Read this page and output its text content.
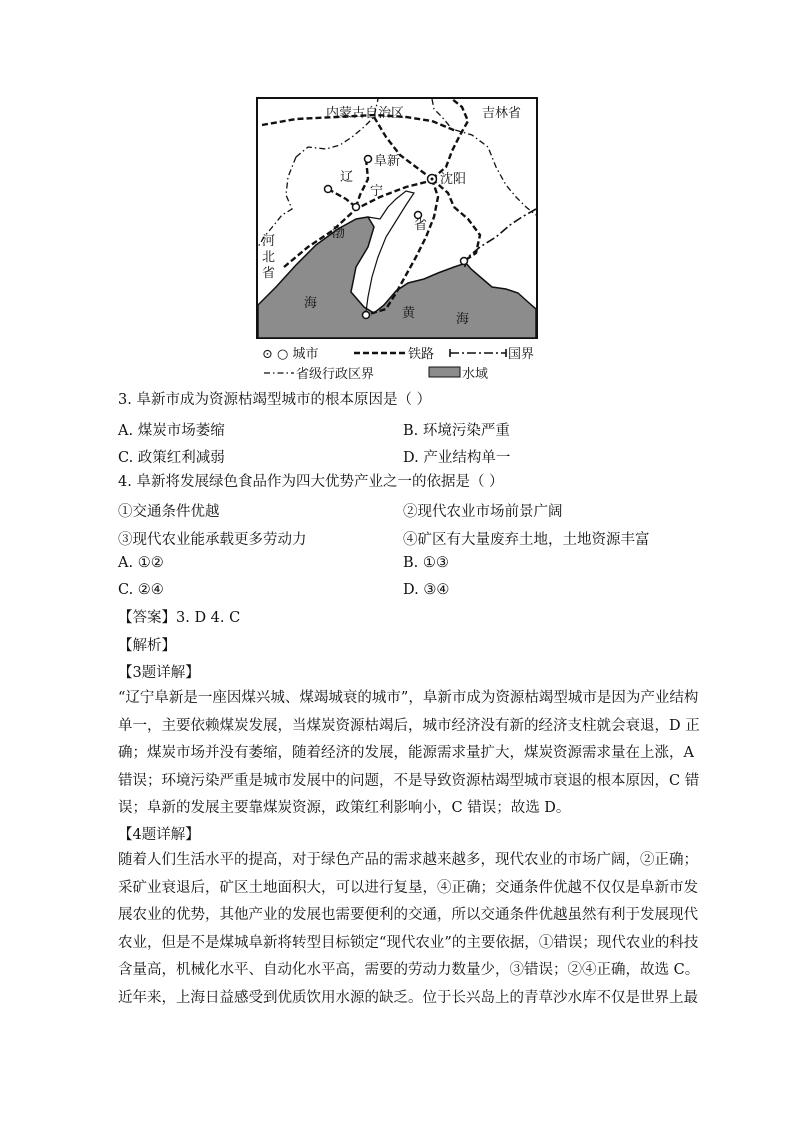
内蒙古自治区	吉林省
阜新
辽
宁
沈阳
省
河
北
省
渤
海
黄	海
⊙ ○ 城市	铁路	国界
省级行政区界	水域
3. 阜新市成为资源枯竭型城市的根本原因是（ ）
A. 煤炭市场萎缩	B. 环境污染严重
C. 政策红利减弱	D. 产业结构单一
4. 阜新将发展绿色食品作为四大优势产业之一的依据是（ ）
①交通条件优越	②现代农业市场前景广阔
③现代农业能承载更多劳动力	④矿区有大量废弃土地，土地资源丰富
A. ①②	B. ①③
C. ②④	D. ③④
【答案】3. D 4. C
【解析】
【3题详解】

“辽宁阜新是一座因煤兴城、煤竭城衰的城市”，阜新市成为资源枯竭型城市是因为产业结构

单一，主要依赖煤炭发展，当煤炭资源枯竭后，城市经济没有新的经济支柱就会衰退，D 正

确；煤炭市场并没有萎缩，随着经济的发展，能源需求量扩大，煤炭资源需求量在上涨，A

错误；环境污染严重是城市发展中的问题，不是导致资源枯竭型城市衰退的根本原因，C 错

误；阜新的发展主要靠煤炭资源，政策红利影响小，C 错误；故选 D。

【4题详解】

随着人们生活水平的提高，对于绿色产品的需求越来越多，现代农业的市场广阔，②正确；

采矿业衰退后，矿区土地面积大，可以进行复垦，④正确；交通条件优越不仅仅是阜新市发

展农业的优势，其他产业的发展也需要便利的交通，所以交通条件优越虽然有利于发展现代

农业，但是不是煤城阜新将转型目标锁定“现代农业”的主要依据，①错误；现代农业的科技

含量高，机械化水平、自动化水平高，需要的劳动力数量少，③错误；②④正确，故选 C。

近年来，上海日益感受到优质饮用水源的缺乏。位于长兴岛上的青草沙水库不仅是世界上最
